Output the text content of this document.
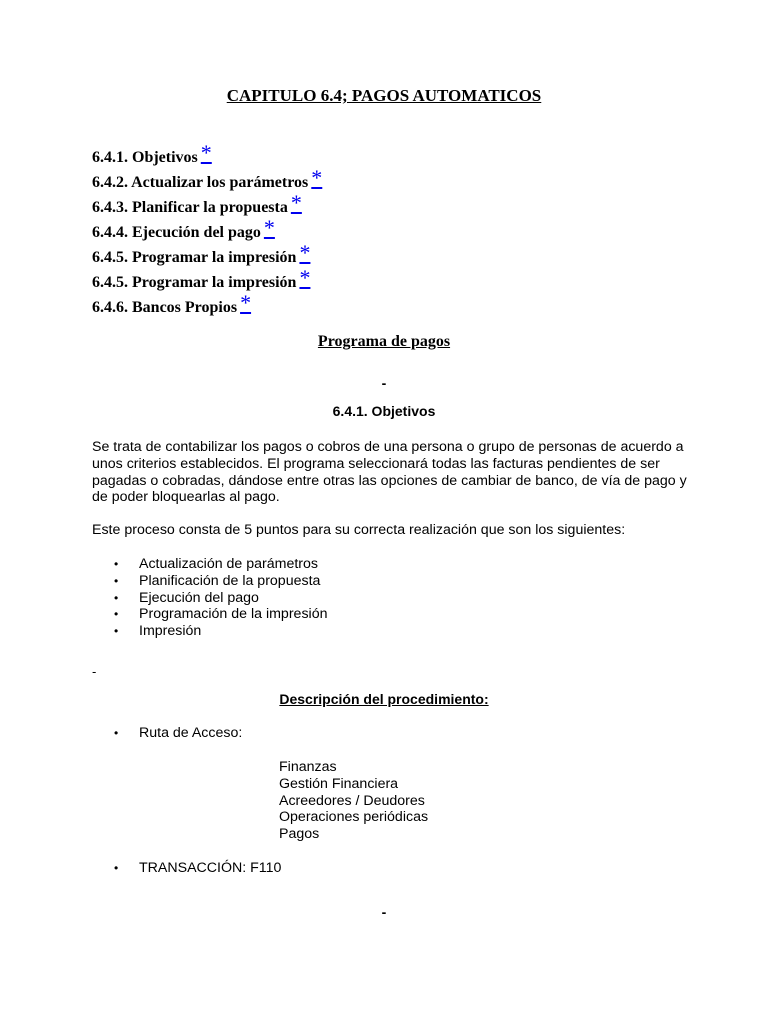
CAPITULO 6.4; PAGOS AUTOMATICOS
6.4.1. Objetivos *
6.4.2. Actualizar los parámetros *
6.4.3. Planificar la propuesta *
6.4.4. Ejecución del pago *
6.4.5. Programar la impresión *
6.4.5. Programar la impresión *
6.4.6. Bancos Propios *
Programa de pagos
-
6.4.1. Objetivos
Se trata de contabilizar los pagos o cobros de una persona o grupo de personas de acuerdo a unos criterios establecidos. El programa seleccionará todas las facturas pendientes de ser pagadas o cobradas, dándose entre otras las opciones de cambiar de banco, de vía de pago y de poder bloquearlas al pago.
Este proceso consta de 5 puntos para su correcta realización que son los siguientes:
• Actualización de parámetros
• Planificación de la propuesta
• Ejecución del pago
• Programación de la impresión
• Impresión
-
Descripción del procedimiento:
• Ruta de Acceso:
Finanzas
Gestión Financiera
Acreedores / Deudores
Operaciones periódicas
Pagos
• TRANSACCIÓN: F110
-
